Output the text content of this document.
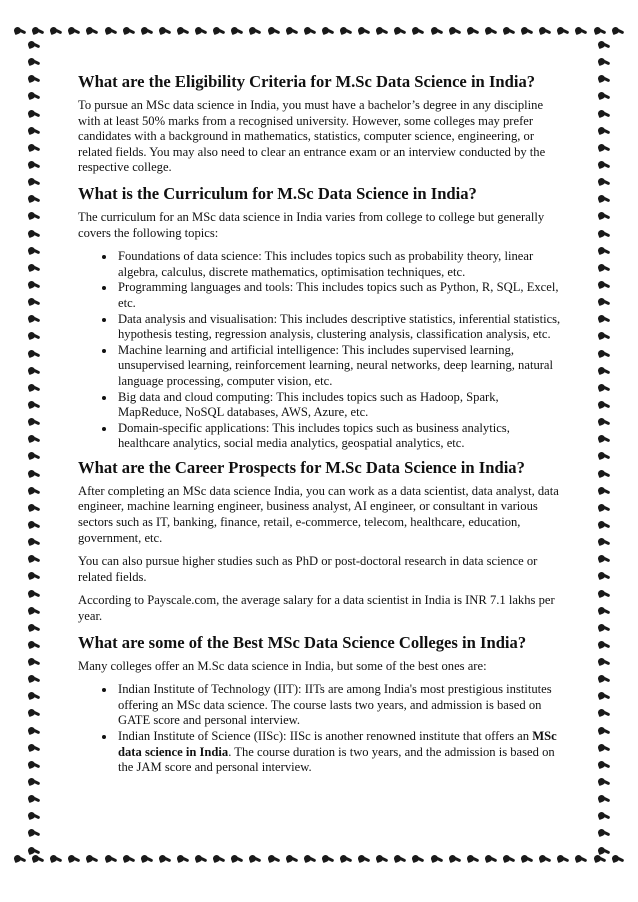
What are the Eligibility Criteria for M.Sc Data Science in India?

To pursue an MSc data science in India, you must have a bachelor’s degree in any discipline with at least 50% marks from a recognised university. However, some colleges may prefer candidates with a background in mathematics, statistics, computer science, engineering, or related fields. You may also need to clear an entrance exam or an interview conducted by the respective college.

What is the Curriculum for M.Sc Data Science in India?

The curriculum for an MSc data science in India varies from college to college but generally covers the following topics:

• Foundations of data science: This includes topics such as probability theory, linear algebra, calculus, discrete mathematics, optimisation techniques, etc.
• Programming languages and tools: This includes topics such as Python, R, SQL, Excel, etc.
• Data analysis and visualisation: This includes descriptive statistics, inferential statistics, hypothesis testing, regression analysis, clustering analysis, classification analysis, etc.
• Machine learning and artificial intelligence: This includes supervised learning, unsupervised learning, reinforcement learning, neural networks, deep learning, natural language processing, computer vision, etc.
• Big data and cloud computing: This includes topics such as Hadoop, Spark, MapReduce, NoSQL databases, AWS, Azure, etc.
• Domain-specific applications: This includes topics such as business analytics, healthcare analytics, social media analytics, geospatial analytics, etc.
What are the Career Prospects for M.Sc Data Science in India?

After completing an MSc data science India, you can work as a data scientist, data analyst, data engineer, machine learning engineer, business analyst, AI engineer, or consultant in various sectors such as IT, banking, finance, retail, e-commerce, telecom, healthcare, education, government, etc.

You can also pursue higher studies such as PhD or post-doctoral research in data science or related fields.

According to Payscale.com, the average salary for a data scientist in India is INR 7.1 lakhs per year.

What are some of the Best MSc Data Science Colleges in India?

Many colleges offer an M.Sc data science in India, but some of the best ones are:

• Indian Institute of Technology (IIT): IITs are among India's most prestigious institutes offering an MSc data science. The course lasts two years, and admission is based on GATE score and personal interview.
• Indian Institute of Science (IISc): IISc is another renowned institute that offers an MSc data science in India. The course duration is two years, and the admission is based on the JAM score and personal interview.
